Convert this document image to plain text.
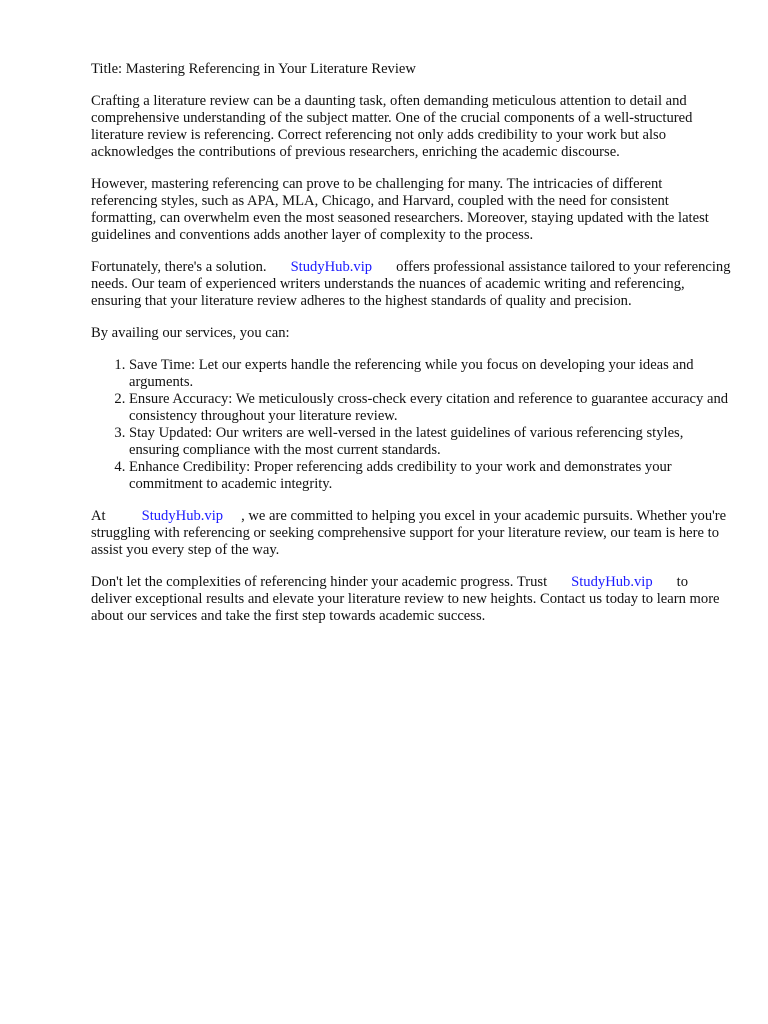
Title: Mastering Referencing in Your Literature Review

Crafting a literature review can be a daunting task, often demanding meticulous attention to detail and comprehensive understanding of the subject matter. One of the crucial components of a well-structured literature review is referencing. Correct referencing not only adds credibility to your work but also acknowledges the contributions of previous researchers, enriching the academic discourse.

However, mastering referencing can prove to be challenging for many. The intricacies of different referencing styles, such as APA, MLA, Chicago, and Harvard, coupled with the need for consistent formatting, can overwhelm even the most seasoned researchers. Moreover, staying updated with the latest guidelines and conventions adds another layer of complexity to the process.

Fortunately, there's a solution. StudyHub.vip offers professional assistance tailored to your referencing needs. Our team of experienced writers understands the nuances of academic writing and referencing, ensuring that your literature review adheres to the highest standards of quality and precision.

By availing our services, you can:

1. Save Time: Let our experts handle the referencing while you focus on developing your ideas and arguments.
2. Ensure Accuracy: We meticulously cross-check every citation and reference to guarantee accuracy and consistency throughout your literature review.
3. Stay Updated: Our writers are well-versed in the latest guidelines of various referencing styles, ensuring compliance with the most current standards.
4. Enhance Credibility: Proper referencing adds credibility to your work and demonstrates your commitment to academic integrity.

At StudyHub.vip , we are committed to helping you excel in your academic pursuits. Whether you're struggling with referencing or seeking comprehensive support for your literature review, our team is here to assist you every step of the way.

Don't let the complexities of referencing hinder your academic progress. Trust StudyHub.vip to deliver exceptional results and elevate your literature review to new heights. Contact us today to learn more about our services and take the first step towards academic success.
